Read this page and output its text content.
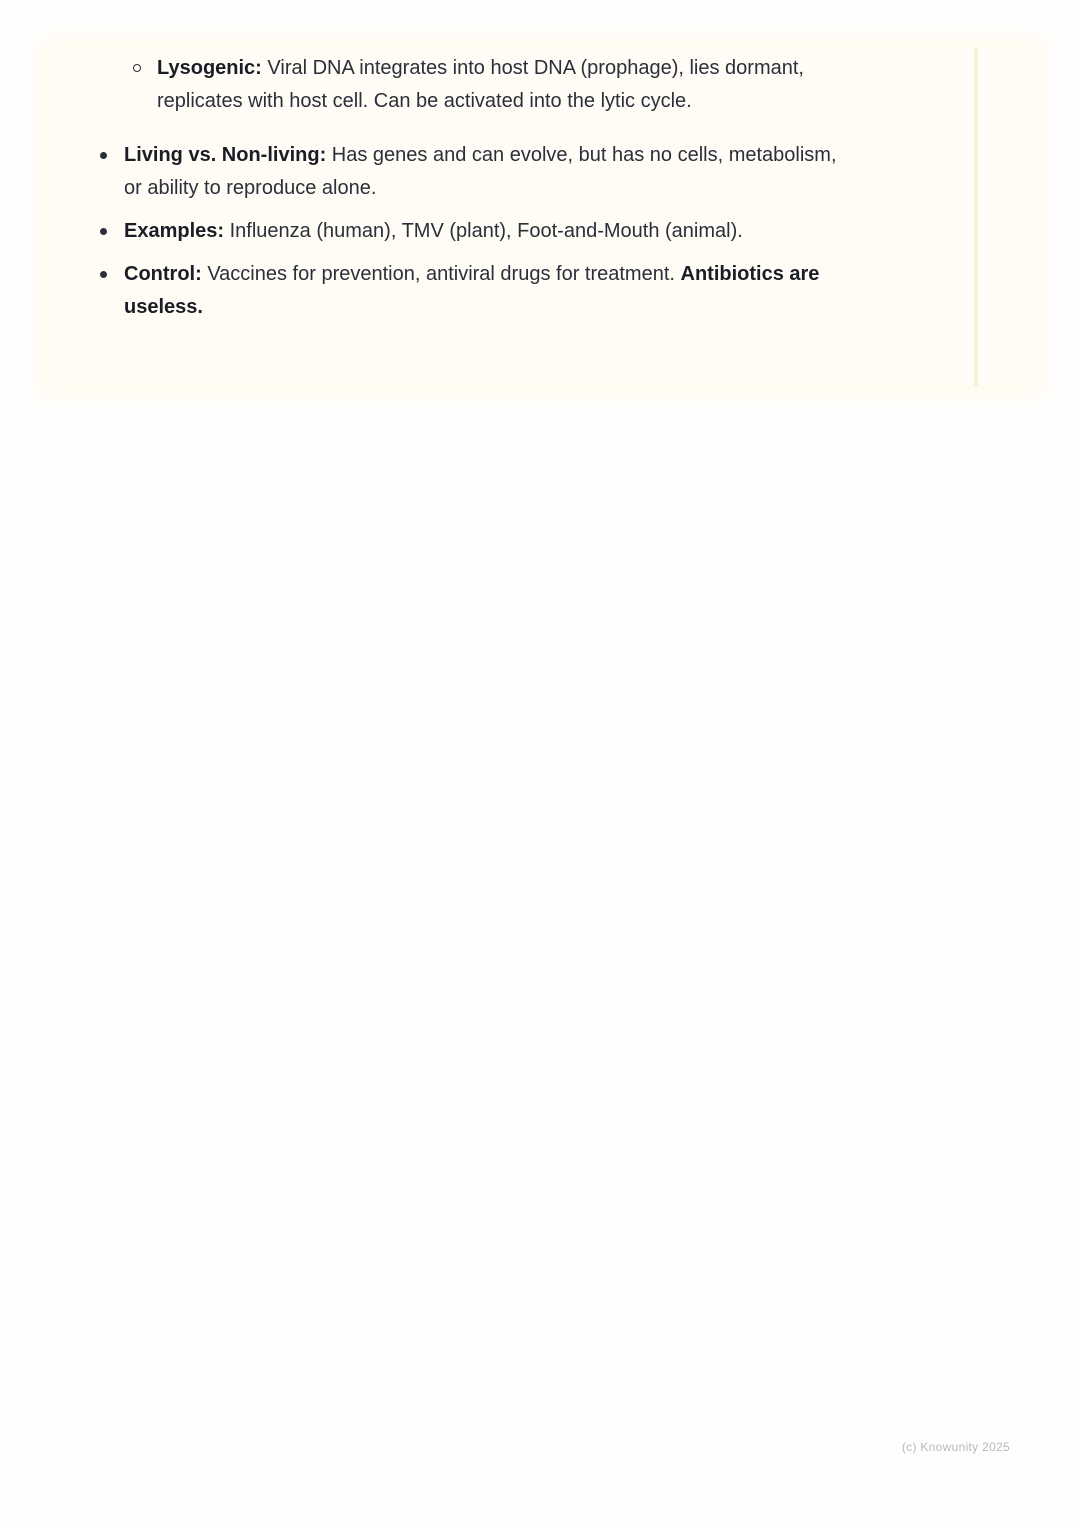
Lysogenic: Viral DNA integrates into host DNA (prophage), lies dormant, replicates with host cell. Can be activated into the lytic cycle.
Living vs. Non-living: Has genes and can evolve, but has no cells, metabolism, or ability to reproduce alone.
Examples: Influenza (human), TMV (plant), Foot-and-Mouth (animal).
Control: Vaccines for prevention, antiviral drugs for treatment. Antibiotics are useless.
(c) Knowunity 2025
